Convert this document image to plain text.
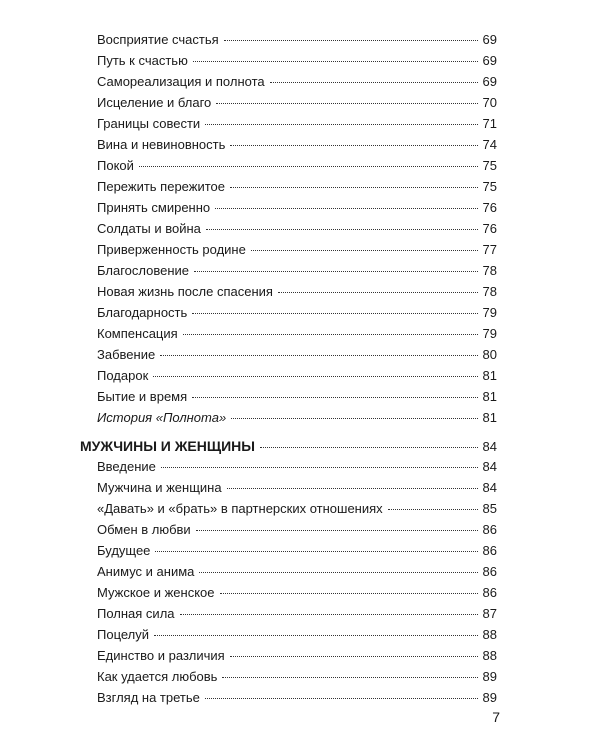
Восприятие счастья	69
Путь к счастью	69
Самореализация и полнота	69
Исцеление и благо	70
Границы совести	71
Вина и невиновность	74
Покой	75
Пережить пережитое	75
Принять смиренно	76
Солдаты и война	76
Приверженность родине	77
Благословение	78
Новая жизнь после спасения	78
Благодарность	79
Компенсация	79
Забвение	80
Подарок	81
Бытие и время	81
История «Полнота»	81
МУЖЧИНЫ И ЖЕНЩИНЫ	84
Введение	84
Мужчина и женщина	84
«Давать» и «брать» в партнерских отношениях	85
Обмен в любви	86
Будущее	86
Анимус и анима	86
Мужское и женское	86
Полная сила	87
Поцелуй	88
Единство и различия	88
Как удается любовь	89
Взгляд на третье	89
7
